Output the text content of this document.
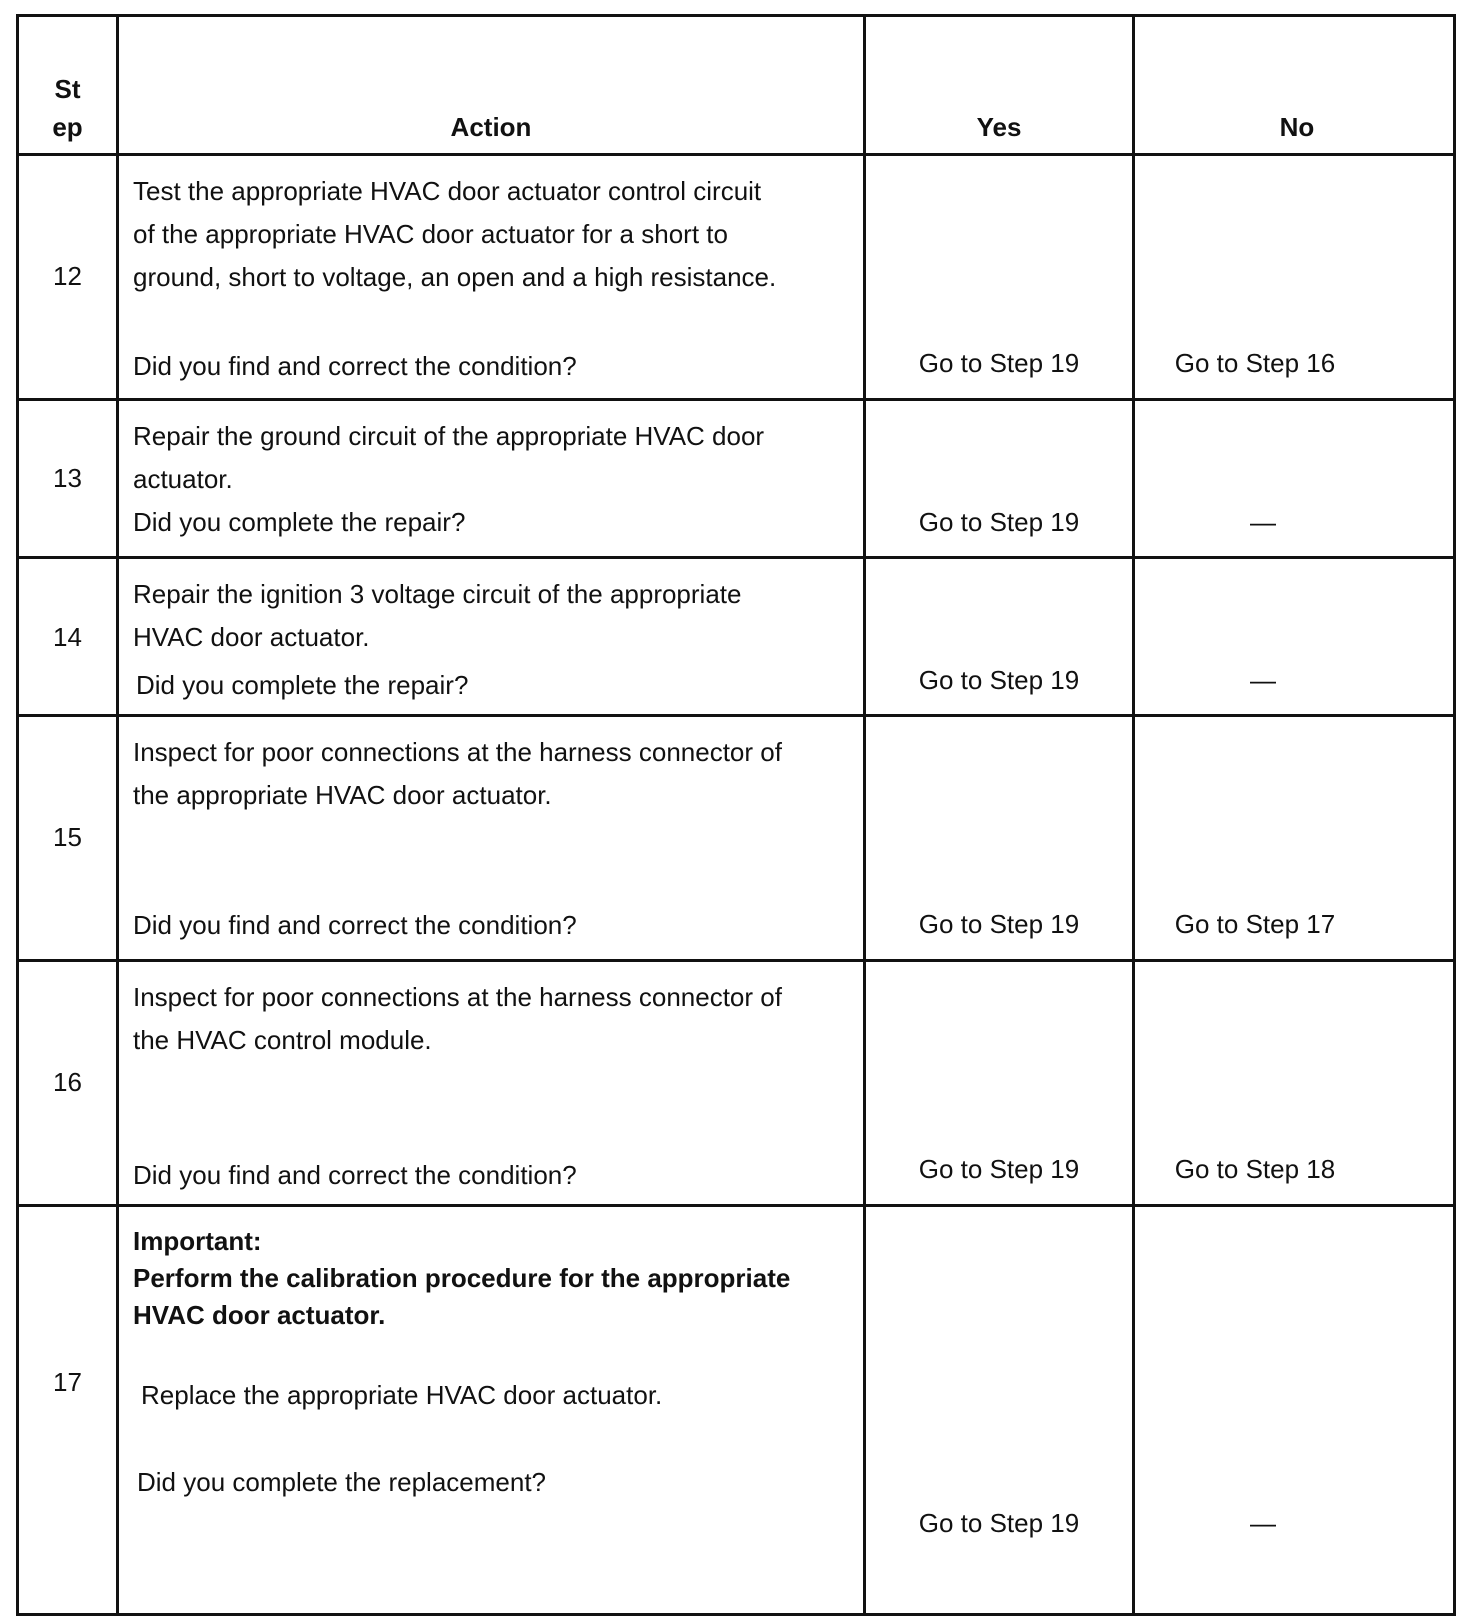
St
ep	Action	Yes	No
12
Test the appropriate HVAC door actuator control circuit
of the appropriate HVAC door actuator for a short to
ground, short to voltage, an open and a high resistance.
Did you find and correct the condition?	Go to Step 19	Go to Step 16
13
Repair the ground circuit of the appropriate HVAC door
actuator.
Did you complete the repair?	Go to Step 19	—
14
Repair the ignition 3 voltage circuit of the appropriate
HVAC door actuator.
Did you complete the repair?	Go to Step 19	—
15
Inspect for poor connections at the harness connector of
the appropriate HVAC door actuator.
Did you find and correct the condition?	Go to Step 19	Go to Step 17
16
Inspect for poor connections at the harness connector of
the HVAC control module.
Did you find and correct the condition?	Go to Step 19	Go to Step 18
17
Important:
Perform the calibration procedure for the appropriate
HVAC door actuator.
Replace the appropriate HVAC door actuator.
Did you complete the replacement?
Go to Step 19	—
